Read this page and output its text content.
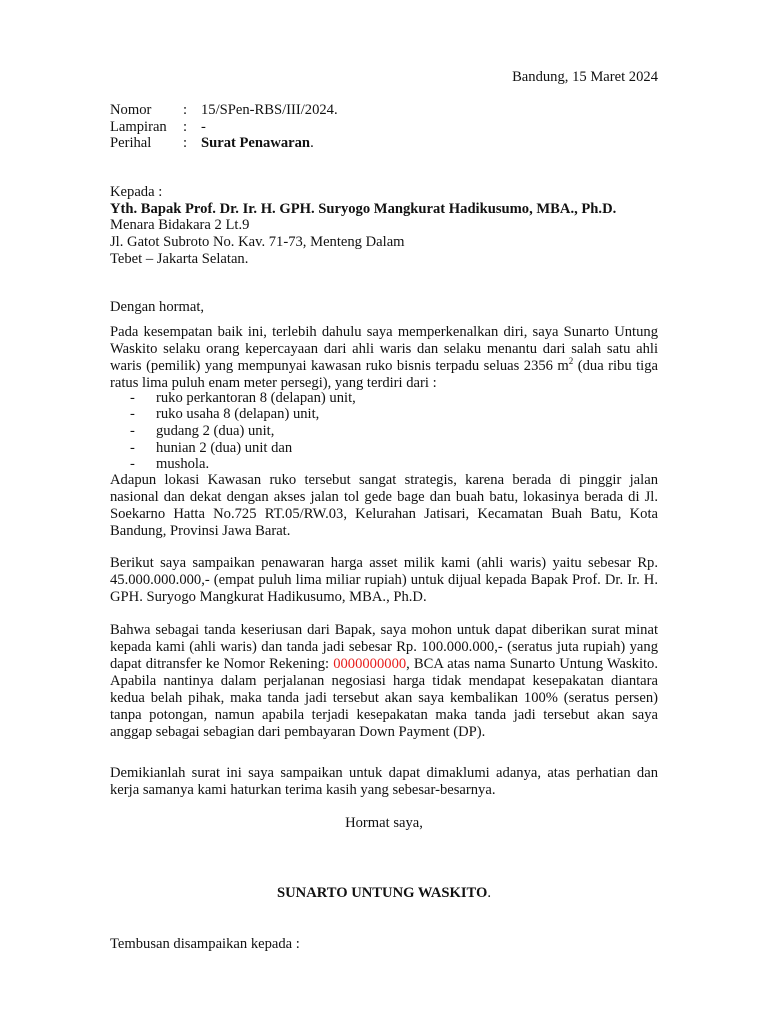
Bandung, 15 Maret 2024
Nomor : 15/SPen-RBS/III/2024.
Lampiran : -
Perihal : Surat Penawaran.
Kepada :
Yth. Bapak Prof. Dr. Ir. H. GPH. Suryogo Mangkurat Hadikusumo, MBA., Ph.D.
Menara Bidakara 2 Lt.9
Jl. Gatot Subroto No. Kav. 71-73, Menteng Dalam
Tebet – Jakarta Selatan.
Dengan hormat,
Pada kesempatan baik ini, terlebih dahulu saya memperkenalkan diri, saya Sunarto Untung Waskito selaku orang kepercayaan dari ahli waris dan selaku menantu dari salah satu ahli waris (pemilik) yang mempunyai kawasan ruko bisnis terpadu seluas 2356 $m^2$ (dua ribu tiga ratus lima puluh enam meter persegi), yang terdiri dari :
- ruko perkantoran 8 (delapan) unit,
- ruko usaha 8 (delapan) unit,
- gudang 2 (dua) unit,
- hunian 2 (dua) unit dan
- mushola.
Adapun lokasi Kawasan ruko tersebut sangat strategis, karena berada di pinggir jalan nasional dan dekat dengan akses jalan tol gede bage dan buah batu, lokasinya berada di Jl. Soekarno Hatta No.725 RT.05/RW.03, Kelurahan Jatisari, Kecamatan Buah Batu, Kota Bandung, Provinsi Jawa Barat.
Berikut saya sampaikan penawaran harga asset milik kami (ahli waris) yaitu sebesar Rp. 45.000.000.000,- (empat puluh lima miliar rupiah) untuk dijual kepada Bapak Prof. Dr. Ir. H. GPH. Suryogo Mangkurat Hadikusumo, MBA., Ph.D.
Bahwa sebagai tanda keseriusan dari Bapak, saya mohon untuk dapat diberikan surat minat kepada kami (ahli waris) dan tanda jadi sebesar Rp. 100.000.000,- (seratus juta rupiah) yang dapat ditransfer ke Nomor Rekening: 0000000000, BCA atas nama Sunarto Untung Waskito. Apabila nantinya dalam perjalanan negosiasi harga tidak mendapat kesepakatan diantara kedua belah pihak, maka tanda jadi tersebut akan saya kembalikan 100% (seratus persen) tanpa potongan, namun apabila terjadi kesepakatan maka tanda jadi tersebut akan saya anggap sebagai sebagian dari pembayaran Down Payment (DP).
Demikianlah surat ini saya sampaikan untuk dapat dimaklumi adanya, atas perhatian dan kerja samanya kami haturkan terima kasih yang sebesar-besarnya.
Hormat saya,
SUNARTO UNTUNG WASKITO.
Tembusan disampaikan kepada :
